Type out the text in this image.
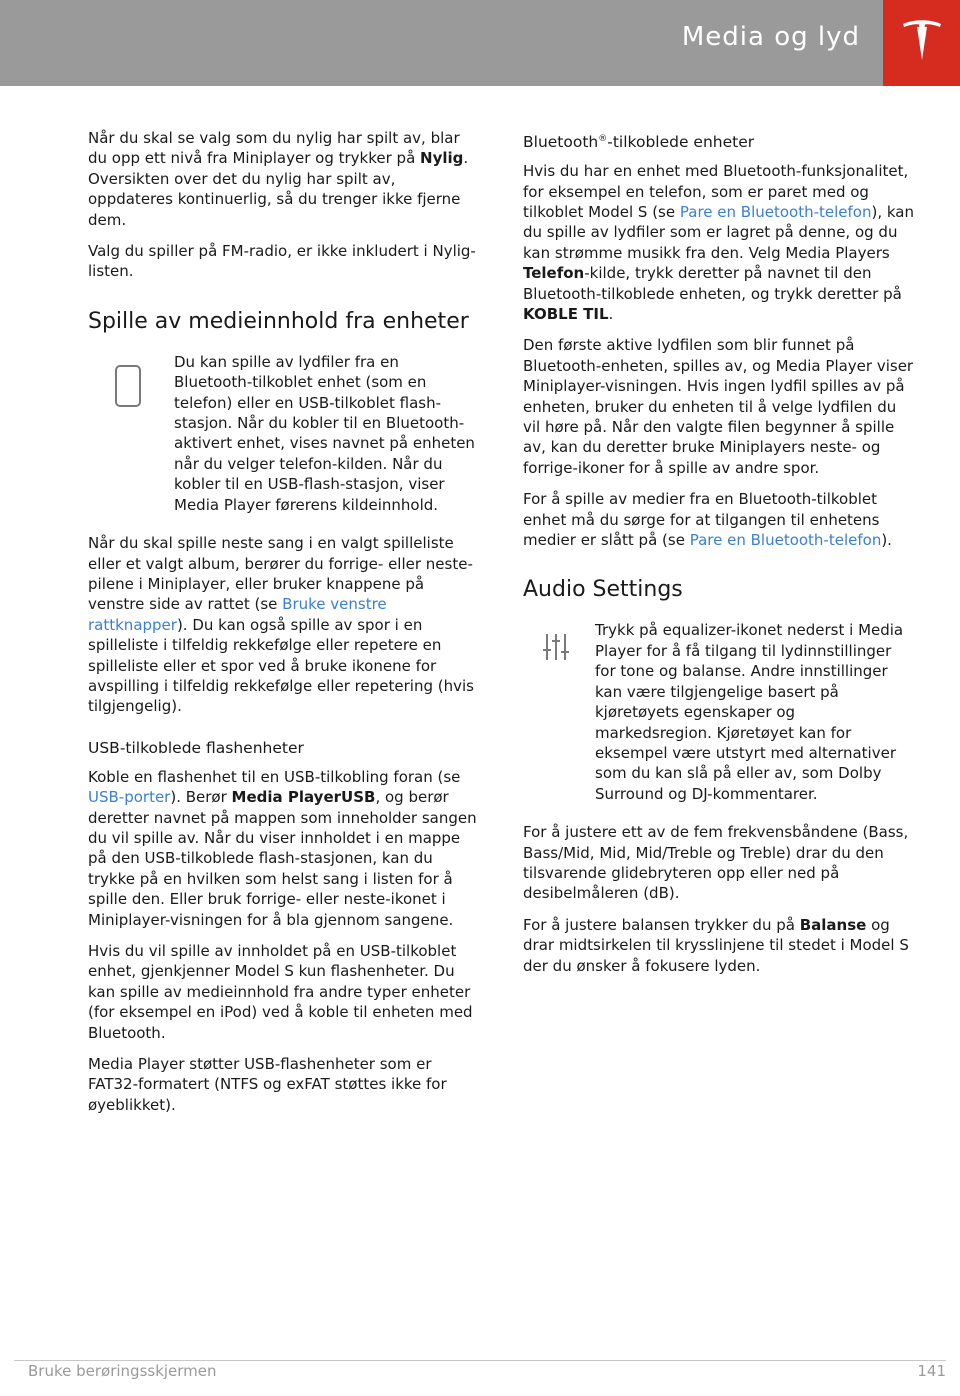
Media og lyd

Når du skal se valg som du nylig har spilt av, blar du opp ett nivå fra Miniplayer og trykker på Nylig. Oversikten over det du nylig har spilt av, oppdateres kontinuerlig, så du trenger ikke fjerne dem.

Valg du spiller på FM-radio, er ikke inkludert i Nylig-listen.

Spille av medieinnhold fra enheter
Du kan spille av lydfiler fra en Bluetooth-tilkoblet enhet (som en telefon) eller en USB-tilkoblet flash-stasjon. Når du kobler til en Bluetooth-aktivert enhet, vises navnet på enheten når du velger telefon-kilden. Når du kobler til en USB-flash-stasjon, viser Media Player førerens kildeinnhold.

Når du skal spille neste sang i en valgt spilleliste eller et valgt album, berører du forrige- eller neste-pilene i Miniplayer, eller bruker knappene på venstre side av rattet (se Bruke venstre rattknapper). Du kan også spille av spor i en spilleliste i tilfeldig rekkefølge eller repetere en spilleliste eller et spor ved å bruke ikonene for avspilling i tilfeldig rekkefølge eller repetering (hvis tilgjengelig).

USB-tilkoblede flashenheter

Koble en flashenhet til en USB-tilkobling foran (se USB-porter). Berør Media PlayerUSB, og berør deretter navnet på mappen som inneholder sangen du vil spille av. Når du viser innholdet i en mappe på den USB-tilkoblede flash-stasjonen, kan du trykke på en hvilken som helst sang i listen for å spille den. Eller bruk forrige- eller neste-ikonet i Miniplayer-visningen for å bla gjennom sangene.

Hvis du vil spille av innholdet på en USB-tilkoblet enhet, gjenkjenner Model S kun flashenheter. Du kan spille av medieinnhold fra andre typer enheter (for eksempel en iPod) ved å koble til enheten med Bluetooth.

Media Player støtter USB-flashenheter som er FAT32-formatert (NTFS og exFAT støttes ikke for øyeblikket).

Bluetooth®-tilkoblede enheter

Hvis du har en enhet med Bluetooth-funksjonalitet, for eksempel en telefon, som er paret med og tilkoblet Model S (se Pare en Bluetooth-telefon), kan du spille av lydfiler som er lagret på denne, og du kan strømme musikk fra den. Velg Media Players Telefon-kilde, trykk deretter på navnet til den Bluetooth-tilkoblede enheten, og trykk deretter på KOBLE TIL.

Den første aktive lydfilen som blir funnet på Bluetooth-enheten, spilles av, og Media Player viser Miniplayer-visningen. Hvis ingen lydfil spilles av på enheten, bruker du enheten til å velge lydfilen du vil høre på. Når den valgte filen begynner å spille av, kan du deretter bruke Miniplayers neste- og forrige-ikoner for å spille av andre spor.

For å spille av medier fra en Bluetooth-tilkoblet enhet må du sørge for at tilgangen til enhetens medier er slått på (se Pare en Bluetooth-telefon).

Audio Settings
Trykk på equalizer-ikonet nederst i Media Player for å få tilgang til lydinnstillinger for tone og balanse. Andre innstillinger kan være tilgjengelige basert på kjøretøyets egenskaper og markedsregion. Kjøretøyet kan for eksempel være utstyrt med alternativer som du kan slå på eller av, som Dolby Surround og DJ-kommentarer.

For å justere ett av de fem frekvensbåndene (Bass, Bass/Mid, Mid, Mid/Treble og Treble) drar du den tilsvarende glidebryteren opp eller ned på desibelmåleren (dB).

For å justere balansen trykker du på Balanse og drar midtsirkelen til krysslinjene til stedet i Model S der du ønsker å fokusere lyden.

Bruke berøringsskjermen	141
